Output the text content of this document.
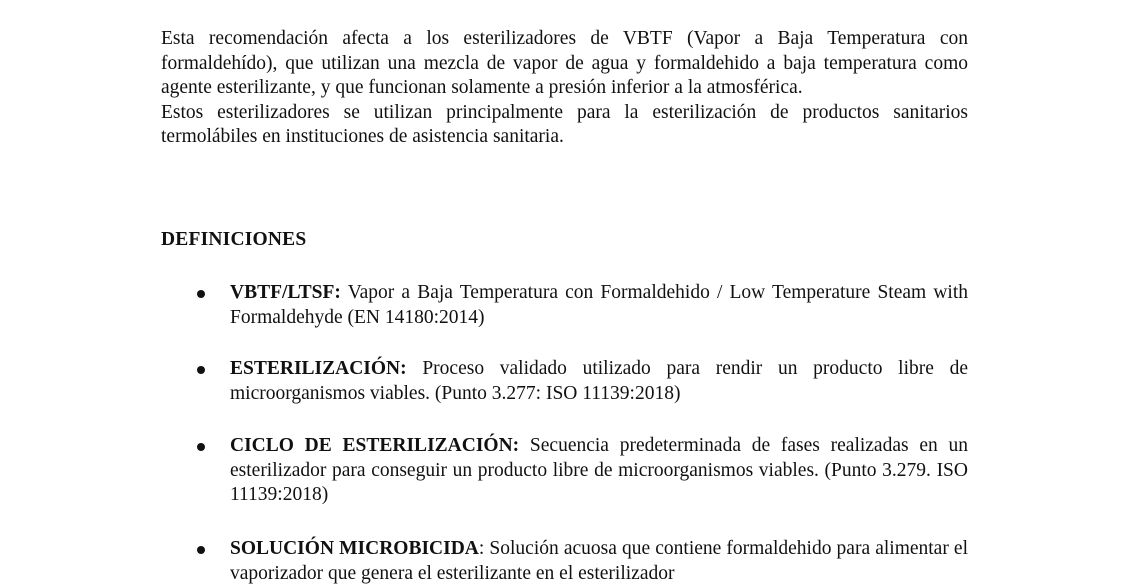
Esta recomendación afecta a los esterilizadores de VBTF (Vapor a Baja Temperatura con formaldehído), que utilizan una mezcla de vapor de agua y formaldehido a baja temperatura como agente esterilizante, y que funcionan solamente a presión inferior a la atmosférica.

Estos esterilizadores se utilizan principalmente para la esterilización de productos sanitarios termolábiles en instituciones de asistencia sanitaria.

DEFINICIONES

VBTF/LTSF: Vapor a Baja Temperatura con Formaldehido / Low Temperature Steam with Formaldehyde (EN 14180:2014)

ESTERILIZACIÓN: Proceso validado utilizado para rendir un producto libre de microorganismos viables. (Punto 3.277: ISO 11139:2018)

CICLO DE ESTERILIZACIÓN: Secuencia predeterminada de fases realizadas en un esterilizador para conseguir un producto libre de microorganismos viables. (Punto 3.279. ISO 11139:2018)

SOLUCIÓN MICROBICIDA: Solución acuosa que contiene formaldehido para alimentar el vaporizador que genera el esterilizante en el esterilizador
